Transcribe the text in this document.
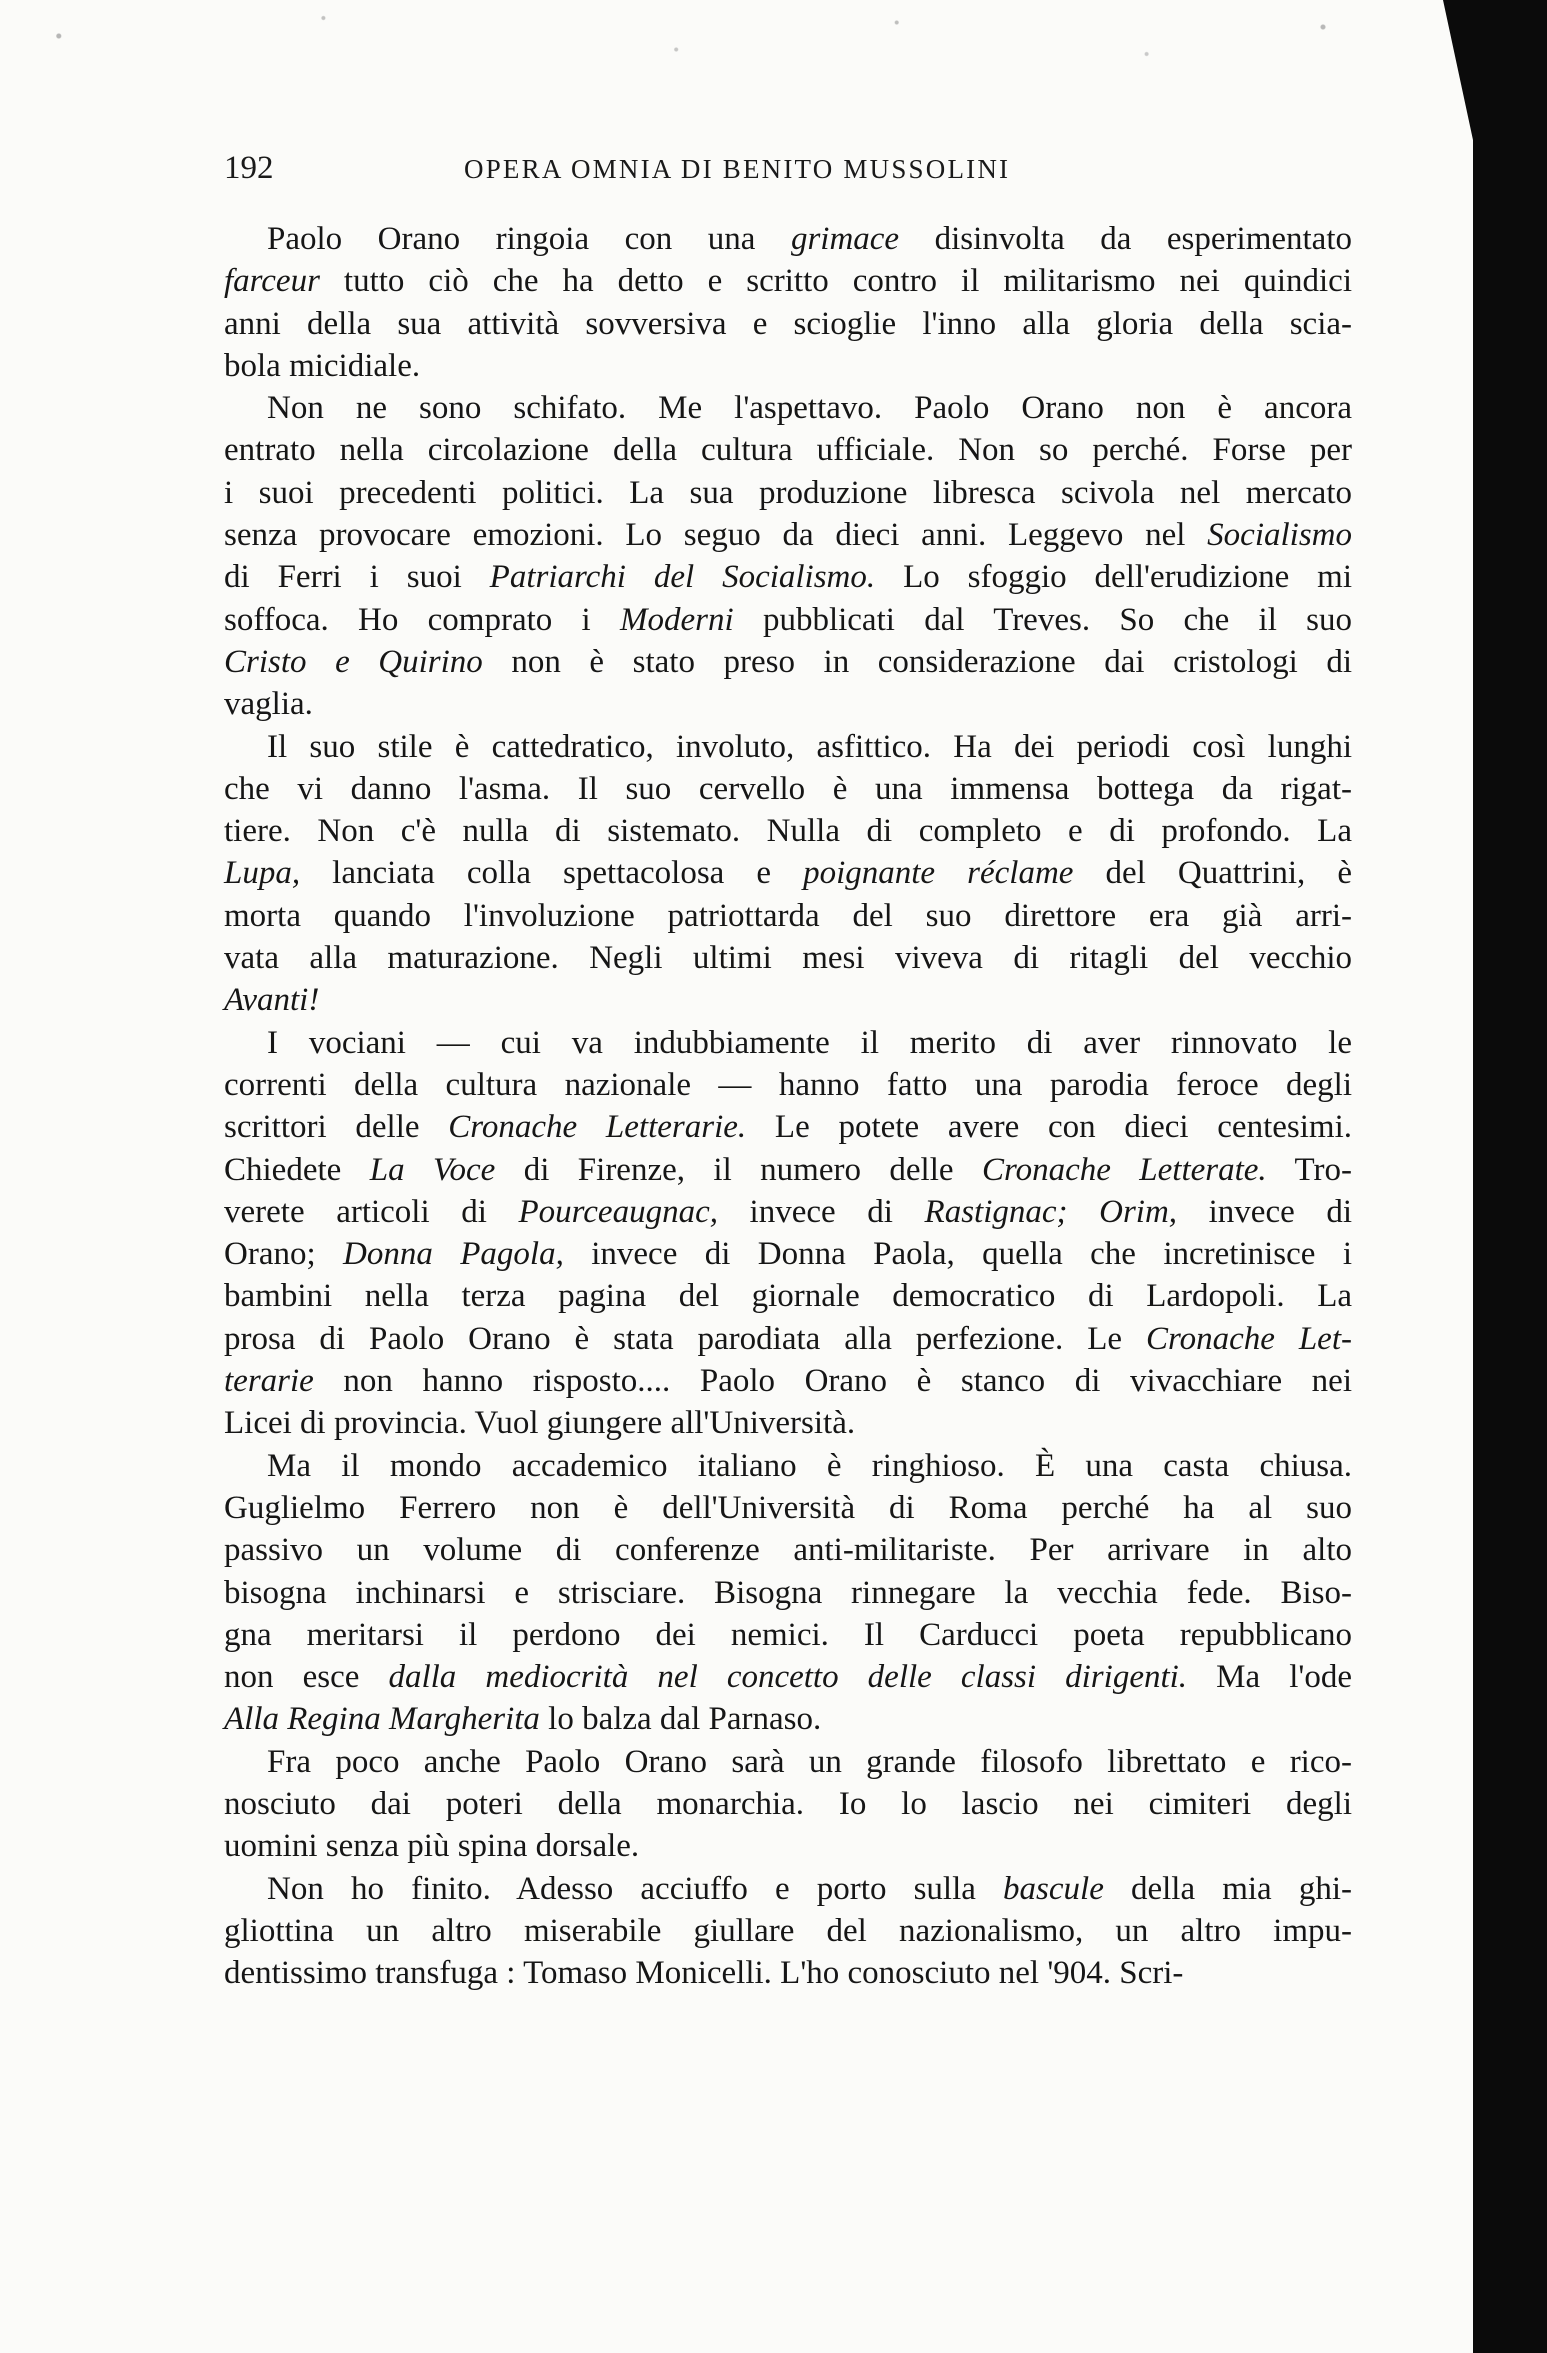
192	OPERA OMNIA DI BENITO MUSSOLINI
Paolo Orano ringoia con una grimace disinvolta da esperimentato
farceur tutto ciò che ha detto e scritto contro il militarismo nei quindici
anni della sua attività sovversiva e scioglie l'inno alla gloria della scia-
bola micidiale.
Non ne sono schifato. Me l'aspettavo. Paolo Orano non è ancora
entrato nella circolazione della cultura ufficiale. Non so perché. Forse per
i suoi precedenti politici. La sua produzione libresca scivola nel mercato
senza provocare emozioni. Lo seguo da dieci anni. Leggevo nel Socialismo
di Ferri i suoi Patriarchi del Socialismo. Lo sfoggio dell'erudizione mi
soffoca. Ho comprato i Moderni pubblicati dal Treves. So che il suo
Cristo e Quirino non è stato preso in considerazione dai cristologi di
vaglia.
Il suo stile è cattedratico, involuto, asfittico. Ha dei periodi così lunghi
che vi danno l'asma. Il suo cervello è una immensa bottega da rigat-
tiere. Non c'è nulla di sistemato. Nulla di completo e di profondo. La
Lupa, lanciata colla spettacolosa e poignante réclame del Quattrini, è
morta quando l'involuzione patriottarda del suo direttore era già arri-
vata alla maturazione. Negli ultimi mesi viveva di ritagli del vecchio
Avanti!
I vociani — cui va indubbiamente il merito di aver rinnovato le
correnti della cultura nazionale — hanno fatto una parodia feroce degli
scrittori delle Cronache Letterarie. Le potete avere con dieci centesimi.
Chiedete La Voce di Firenze, il numero delle Cronache Letterate. Tro-
verete articoli di Pourceaugnac, invece di Rastignac; Orim, invece di
Orano; Donna Pagola, invece di Donna Paola, quella che incretinisce i
bambini nella terza pagina del giornale democratico di Lardopoli. La
prosa di Paolo Orano è stata parodiata alla perfezione. Le Cronache Let-
terarie non hanno risposto.... Paolo Orano è stanco di vivacchiare nei
Licei di provincia. Vuol giungere all'Università.
Ma il mondo accademico italiano è ringhioso. È una casta chiusa.
Guglielmo Ferrero non è dell'Università di Roma perché ha al suo
passivo un volume di conferenze anti-militariste. Per arrivare in alto
bisogna inchinarsi e strisciare. Bisogna rinnegare la vecchia fede. Biso-
gna meritarsi il perdono dei nemici. Il Carducci poeta repubblicano
non esce dalla mediocrità nel concetto delle classi dirigenti. Ma l'ode
Alla Regina Margherita lo balza dal Parnaso.
Fra poco anche Paolo Orano sarà un grande filosofo librettato e rico-
nosciuto dai poteri della monarchia. Io lo lascio nei cimiteri degli
uomini senza più spina dorsale.
Non ho finito. Adesso acciuffo e porto sulla bascule della mia ghi-
gliottina un altro miserabile giullare del nazionalismo, un altro impu-
dentissimo transfuga : Tomaso Monicelli. L'ho conosciuto nel '904. Scri-
